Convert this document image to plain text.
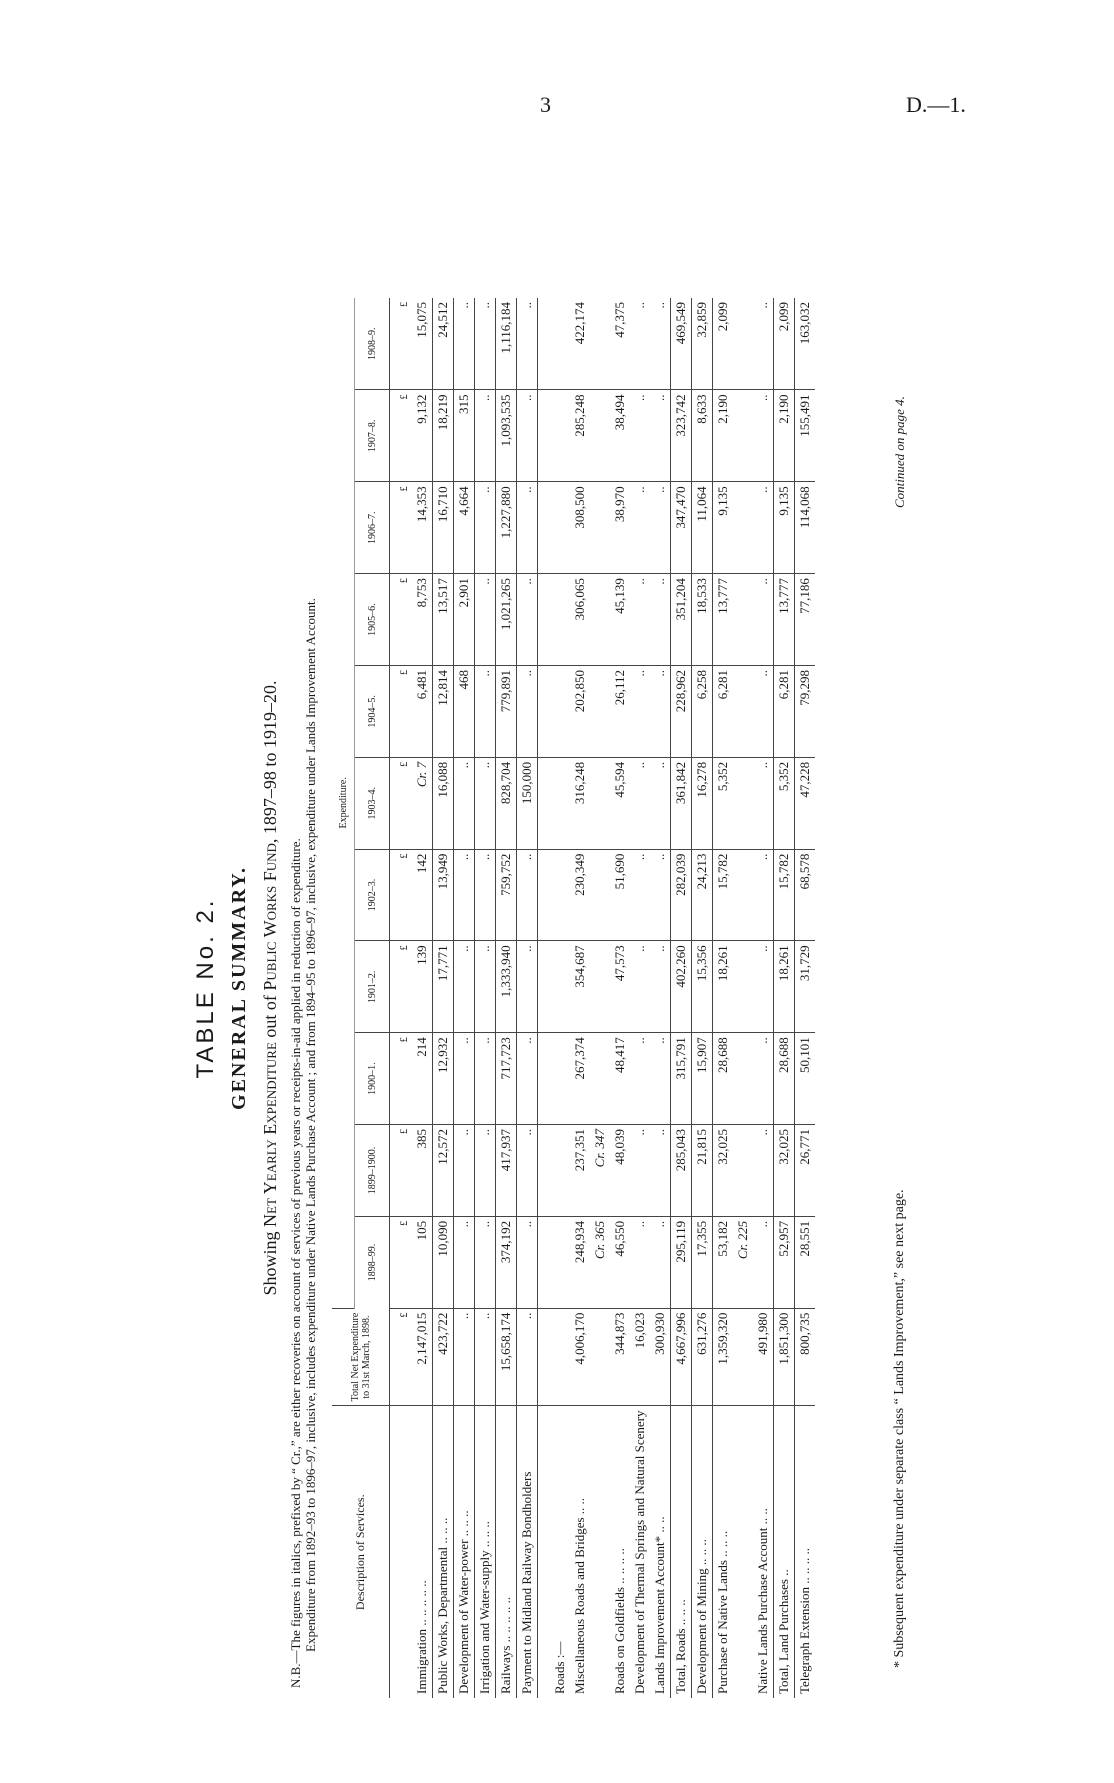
3	D.—1.
TABLE No. 2. GENERAL SUMMARY.
Showing Net Yearly Expenditure out of Public Works Fund, 1897–98 to 1919–20.
N.B.—The figures in italics, prefixed by “ Cr.,” are either recoveries on account of services of previous years or receipts-in-aid applied in reduction of expenditure. Expenditure from 1892–93 to 1896–97, inclusive, includes expenditure under Native Lands Purchase Account ; and from 1894–95 to 1896–97, inclusive, expenditure under Lands Improvement Account.	Description of Services.	Total Net Expenditure to 31st March, 1898.	Expenditure.										
		1898–99.	1899–1900.	1900–1.	1901–2.	1902–3.	1903–4.	1904–5.	1905–6.	1906–7.	1907–8.	1908–9.
	£	£	£	£	£	£	£	£	£	£	£	£
Immigration .. .. .. .. ..	2,147,015	105	385	214	139	142	Cr. 7	6,481	8,753	14,353	9,132	15,075
Public Works, Departmental .. .. ..	423,722	10,090	12,572	12,932	17,771	13,949	16,088	12,814	13,517	16,710	18,219	24,512
Development of Water-power .. .. ..	..	..	..	..	..	..	..	468	2,901	4,664	315	..
Irrigation and Water-supply .. .. ..	..	..	..	..	..	..	..	..	..	..	..	..
Railways .. .. .. .. ..	15,658,174	374,192	417,937	717,723	1,333,940	759,752	828,704	779,891	1,021,265	1,227,880	1,093,535	1,116,184
Payment to Midland Railway Bondholders	..	..	..	..	..	..	150,000	..	..	..	..	..
Roads :—												
Miscellaneous Roads and Bridges .. ..	4,006,170	248,934	237,351	267,374	354,687	230,349	316,248	202,850	306,065	308,500	285,248	422,174
		Cr. 365	Cr. 347									
Roads on Goldfields .. .. .. ..	344,873	46,550	48,039	48,417	47,573	51,690	45,594	26,112	45,139	38,970	38,494	47,375
Development of Thermal Springs and Natural Scenery	16,023	..	..	..	..	..	..	..	..	..	..	..
Lands Improvement Account* .. ..	300,930	..	..	..	..	..	..	..	..	..	..	..
Total, Roads .. .. ..	4,667,996	295,119	285,043	315,791	402,260	282,039	361,842	228,962	351,204	347,470	323,742	469,549
Development of Mining .. .. ..	631,276	17,355	21,815	15,907	15,356	24,213	16,278	6,258	18,533	11,064	8,633	32,859
Purchase of Native Lands .. .. ..	1,359,320	53,182	32,025	28,688	18,261	15,782	5,352	6,281	13,777	9,135	2,190	2,099
		Cr. 225										
Native Lands Purchase Account .. ..	491,980	..	..	..	..	..	..	..	..	..	..	..
Total, Land Purchases ..	1,851,300	52,957	32,025	28,688	18,261	15,782	5,352	6,281	13,777	9,135	2,190	2,099
Telegraph Extension .. .. .. ..	800,735	28,551	26,771	50,101	31,729	68,578	47,228	79,298	77,186	114,068	155,491	163,032
* Subsequent expenditure under separate class “ Lands Improvement,” see next page.
Continued on page 4.
